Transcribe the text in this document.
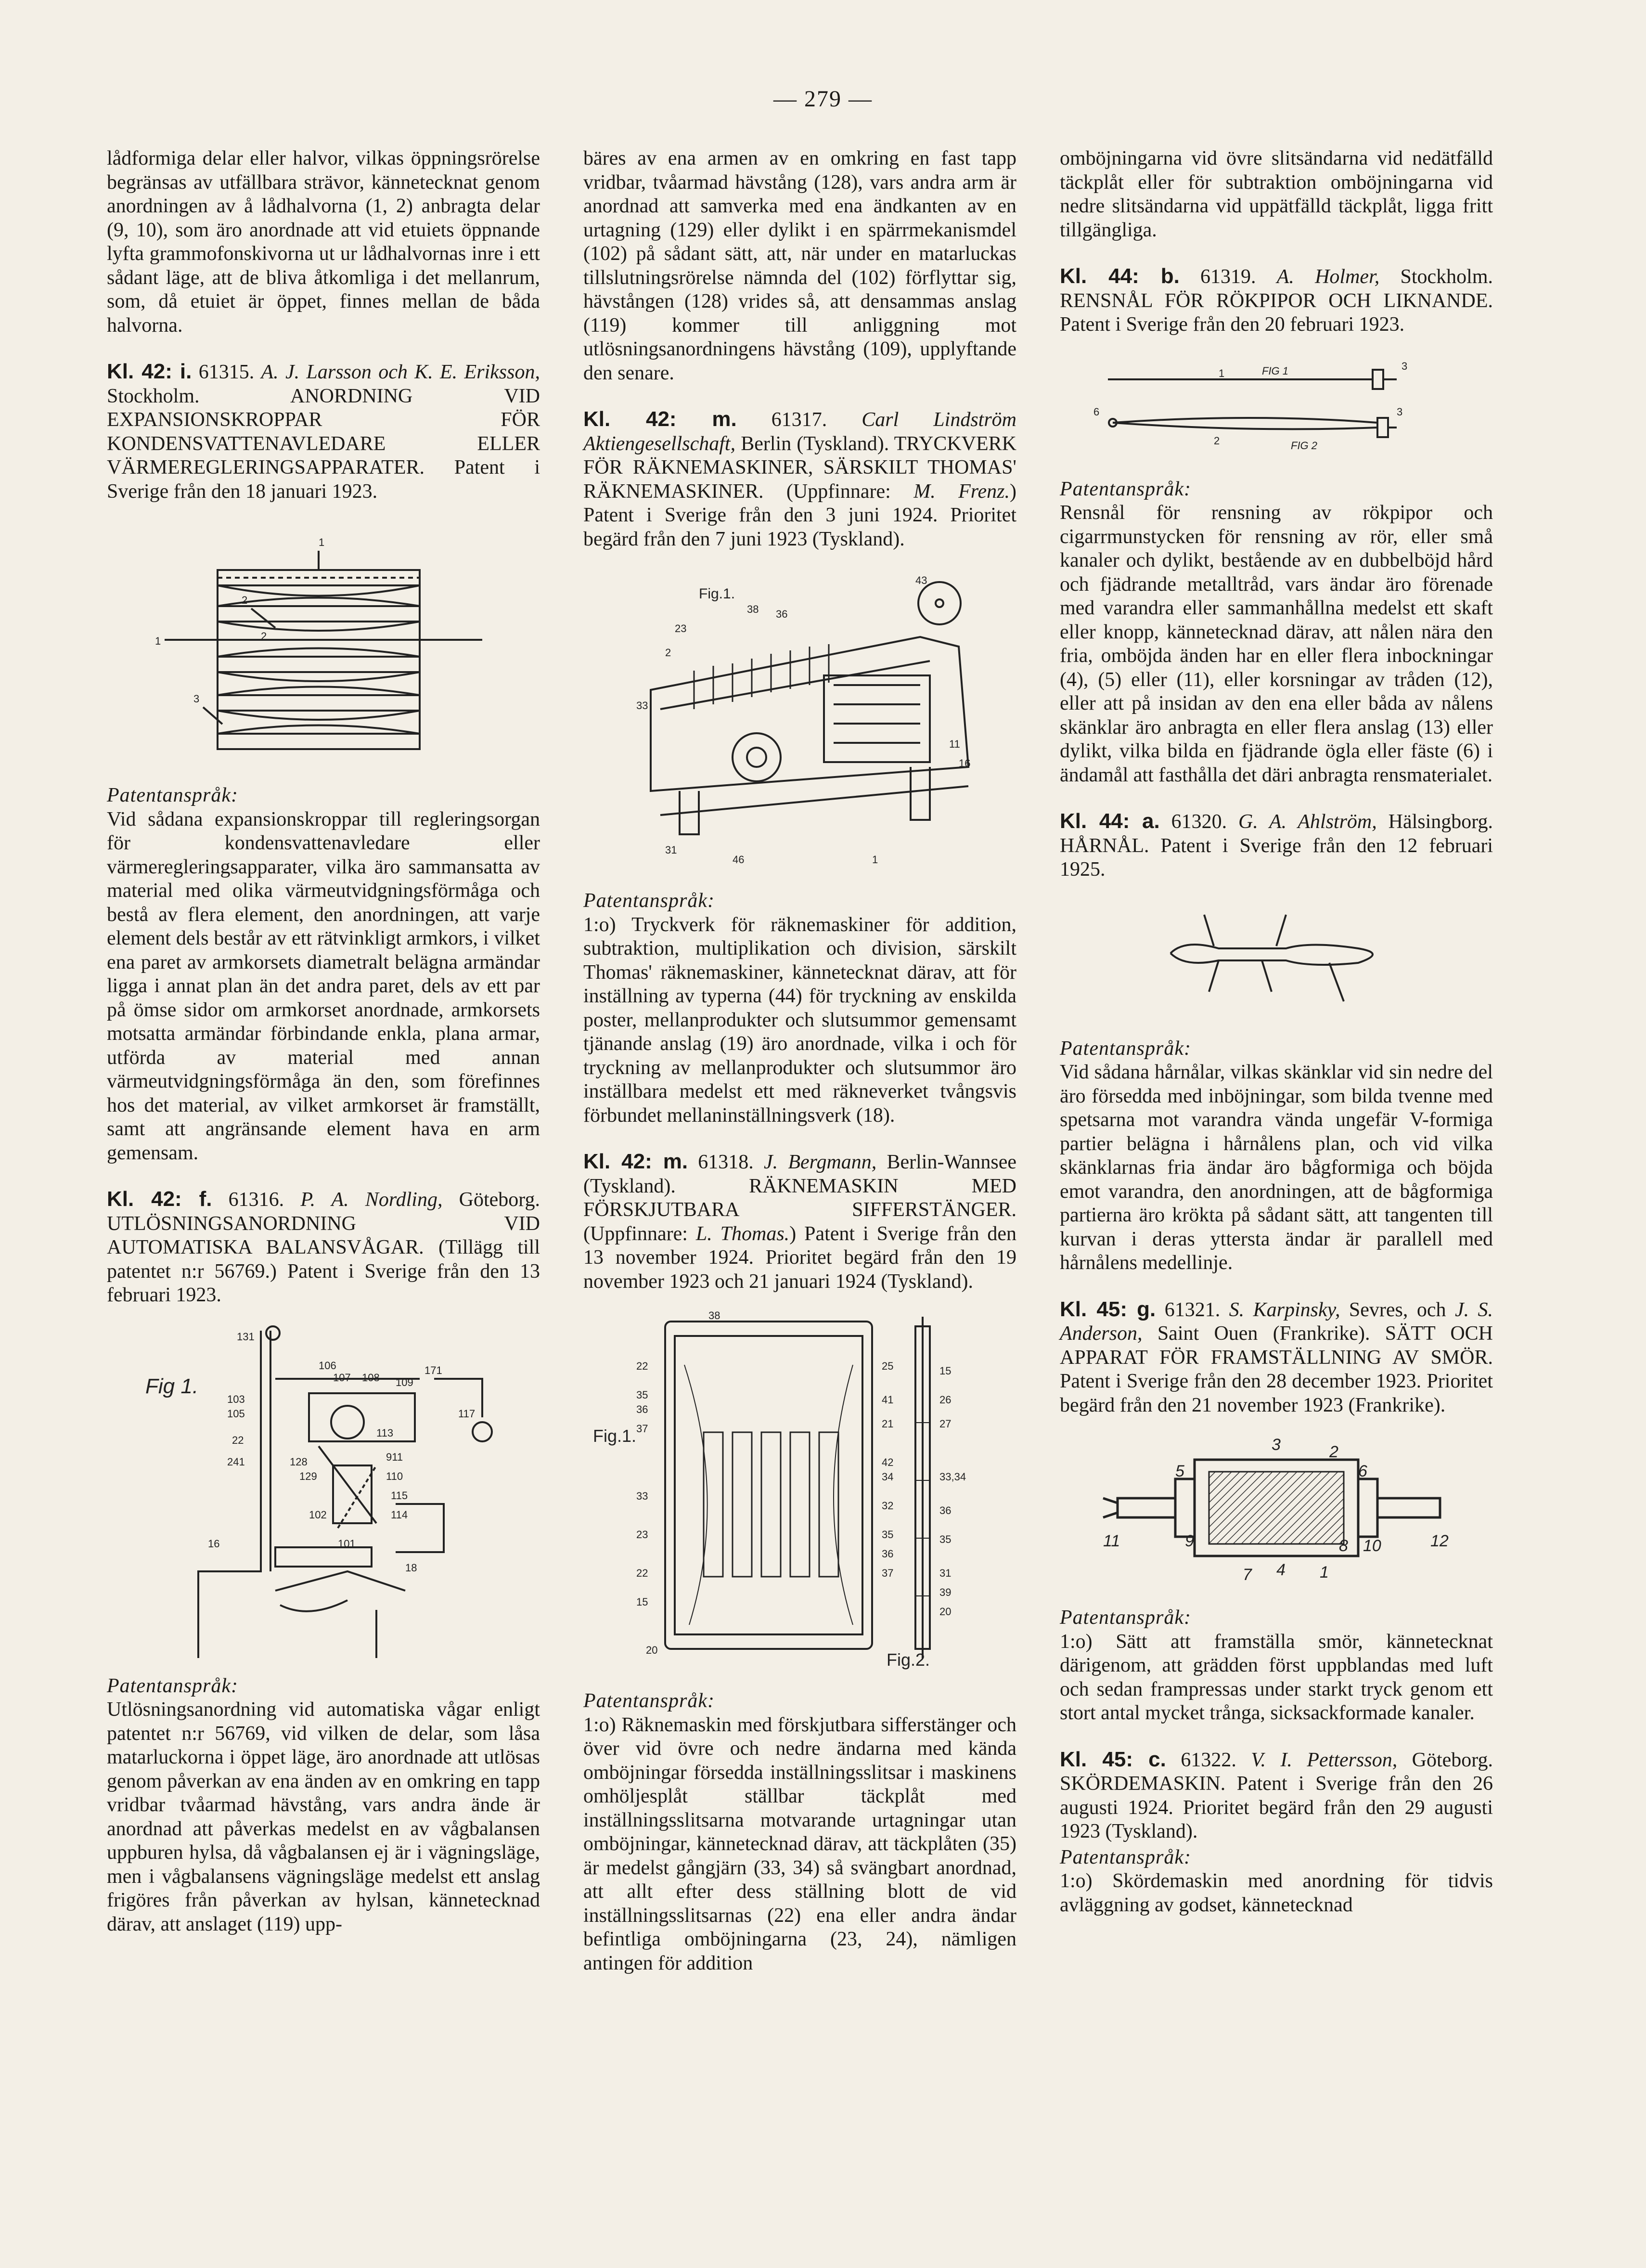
— 279 —

lådformiga delar eller halvor, vilkas öppningsrörelse begränsas av utfällbara strävor, kännetecknat genom anordningen av å lådhalvorna (1, 2) anbragta delar (9, 10), som äro anordnade att vid etuiets öppnande lyfta grammofonskivorna ut ur lådhalvornas inre i ett sådant läge, att de bliva åtkomliga i det mellanrum, som, då etuiet är öppet, finnes mellan de båda halvorna.

Kl. 42: i. 61315. A. J. Larsson och K. E. Eriksson, Stockholm. ANORDNING VID EXPANSIONSKROPPAR FÖR KONDENSVATTENAVLEDARE ELLER VÄRMEREGLERINGSAPPARATER. Patent i Sverige från den 18 januari 1923.

1
1
2
2
3

Patentanspråk:

Vid sådana expansionskroppar till regleringsorgan för kondensvattenavledare eller värmeregleringsapparater, vilka äro sammansatta av material med olika värmeutvidgningsförmåga och bestå av flera element, den anordningen, att varje element dels består av ett rätvinkligt armkors, i vilket ena paret av armkorsets diametralt belägna armändar ligga i annat plan än det andra paret, dels av ett par på ömse sidor om armkorset anordnade, armkorsets motsatta armändar förbindande enkla, plana armar, utförda av material med annan värmeutvidgningsförmåga än den, som förefinnes hos det material, av vilket armkorset är framställt, samt att angränsande element hava en arm gemensam.

Kl. 42: f. 61316. P. A. Nordling, Göteborg. UTLÖSNINGSANORDNING VID AUTOMATISKA BALANSVÅGAR. (Tillägg till patentet n:r 56769.) Patent i Sverige från den 13 februari 1923.

Fig 1.
131
106
107 108 109
171
103
105
22
241
113
911
128
129	110
102
115
114
16	101
18
117

Patentanspråk:

Utlösningsanordning vid automatiska vågar enligt patentet n:r 56769, vid vilken de delar, som låsa matarluckorna i öppet läge, äro anordnade att utlösas genom påverkan av ena änden av en omkring en tapp vridbar tvåarmad hävstång, vars andra ände är anordnad att påverkas medelst en av vågbalansen uppburen hylsa, då vågbalansen ej är i vägningsläge, men i vågbalansens vägningsläge medelst ett anslag frigöres från påverkan av hylsan, kännetecknad därav, att anslaget (119) upp-

bäres av ena armen av en omkring en fast tapp vridbar, tvåarmad hävstång (128), vars andra arm är anordnad att samverka med ena ändkanten av en urtagning (129) eller dylikt i en spärrmekanismdel (102) på sådant sätt, att, när under en matarluckas tillslutningsrörelse nämnda del (102) förflyttar sig, hävstången (128) vrides så, att densammas anslag (119) kommer till anliggning mot utlösningsanordningens hävstång (109), upplyftande den senare.

Kl. 42: m. 61317. Carl Lindström Aktiengesellschaft, Berlin (Tyskland). TRYCKVERK FÖR RÄKNEMASKINER, SÄRSKILT THOMAS' RÄKNEMASKINER. (Uppfinnare: M. Frenz.) Patent i Sverige från den 3 juni 1924. Prioritet begärd från den 7 juni 1923 (Tyskland).

Fig.1.
43
38 36
23
2
33
31
46
11
16
1

Patentanspråk:

1:o) Tryckverk för räknemaskiner för addition, subtraktion, multiplikation och division, särskilt Thomas' räknemaskiner, kännetecknat därav, att för inställning av typerna (44) för tryckning av enskilda poster, mellanprodukter och slutsummor gemensamt tjänande anslag (19) äro anordnade, vilka i och för tryckning av mellanprodukter och slutsummor äro inställbara medelst ett med räkneverket tvångsvis förbundet mellaninställningsverk (18).

Kl. 42: m. 61318. J. Bergmann, Berlin-Wannsee (Tyskland). RÄKNEMASKIN MED FÖRSKJUTBARA SIFFERSTÄNGER. (Uppfinnare: L. Thomas.) Patent i Sverige från den 13 november 1924. Prioritet begärd från den 19 november 1923 och 21 januari 1924 (Tyskland).

Fig.1.
Fig.2.
38
22
35
36
37
33
23
22
15
20
25
41
21
42
34
32
35
36
37
15
26
27
33,34
36
35
31
39
20

Patentanspråk:

1:o) Räknemaskin med förskjutbara sifferstänger och över vid övre och nedre ändarna med kända omböjningar försedda inställningsslitsar i maskinens omhöljesplåt ställbar täckplåt med inställningsslitsarna motvarande urtagningar utan omböjningar, kännetecknad därav, att täckplåten (35) är medelst gångjärn (33, 34) så svängbart anordnad, att allt efter dess ställning blott de vid inställningsslitsarnas (22) ena eller andra ändar befintliga omböjningarna (23, 24), nämligen antingen för addition

omböjningarna vid övre slitsändarna vid nedätfälld täckplåt eller för subtraktion omböjningarna vid nedre slitsändarna vid uppätfälld täckplåt, ligga fritt tillgängliga.

Kl. 44: b. 61319. A. Holmer, Stockholm. RENSNÅL FÖR RÖKPIPOR OCH LIKNANDE. Patent i Sverige från den 20 februari 1923.

FIG 1
FIG 2
3
3
6
1
2

Patentanspråk:

Rensnål för rensning av rökpipor och cigarrmunstycken för rensning av rör, eller små kanaler och dylikt, bestående av en dubbelböjd hård och fjädrande metalltråd, vars ändar äro förenade med varandra eller sammanhållna medelst ett skaft eller knopp, kännetecknad därav, att nålen nära den fria, omböjda änden har en eller flera inbockningar (4), (5) eller (11), eller korsningar av tråden (12), eller att på insidan av den ena eller båda av nålens skänklar äro anbragta en eller flera anslag (13) eller dylikt, vilka bilda en fjädrande ögla eller fäste (6) i ändamål att fasthålla det däri anbragta rensmaterialet.

Kl. 44: a. 61320. G. A. Ahlström, Hälsingborg. HÅRNÅL. Patent i Sverige från den 12 februari 1925.

Patentanspråk:

Vid sådana hårnålar, vilkas skänklar vid sin nedre del äro försedda med inböjningar, som bilda tvenne med spetsarna mot varandra vända ungefär V-formiga partier belägna i hårnålens plan, och vid vilka skänklarnas fria ändar äro bågformiga och böjda emot varandra, den anordningen, att de bågformiga partierna äro krökta på sådant sätt, att tangenten till kurvan i deras yttersta ändar är parallell med hårnålens medellinje.

Kl. 45: g. 61321. S. Karpinsky, Sevres, och J. S. Anderson, Saint Ouen (Frankrike). SÄTT OCH APPARAT FÖR FRAMSTÄLLNING AV SMÖR. Patent i Sverige från den 28 december 1923. Prioritet begärd från den 21 november 1923 (Frankrike).

3	2
5	6
11	9	8 10	12
7 4 1

Patentanspråk:

1:o) Sätt att framställa smör, kännetecknat därigenom, att grädden först uppblandas med luft och sedan frampressas under starkt tryck genom ett stort antal mycket trånga, sicksackformade kanaler.

Kl. 45: c. 61322. V. I. Pettersson, Göteborg. SKÖRDEMASKIN. Patent i Sverige från den 26 augusti 1924. Prioritet begärd från den 29 augusti 1923 (Tyskland).

Patentanspråk:

1:o) Skördemaskin med anordning för tidvis avläggning av godset, kännetecknad
